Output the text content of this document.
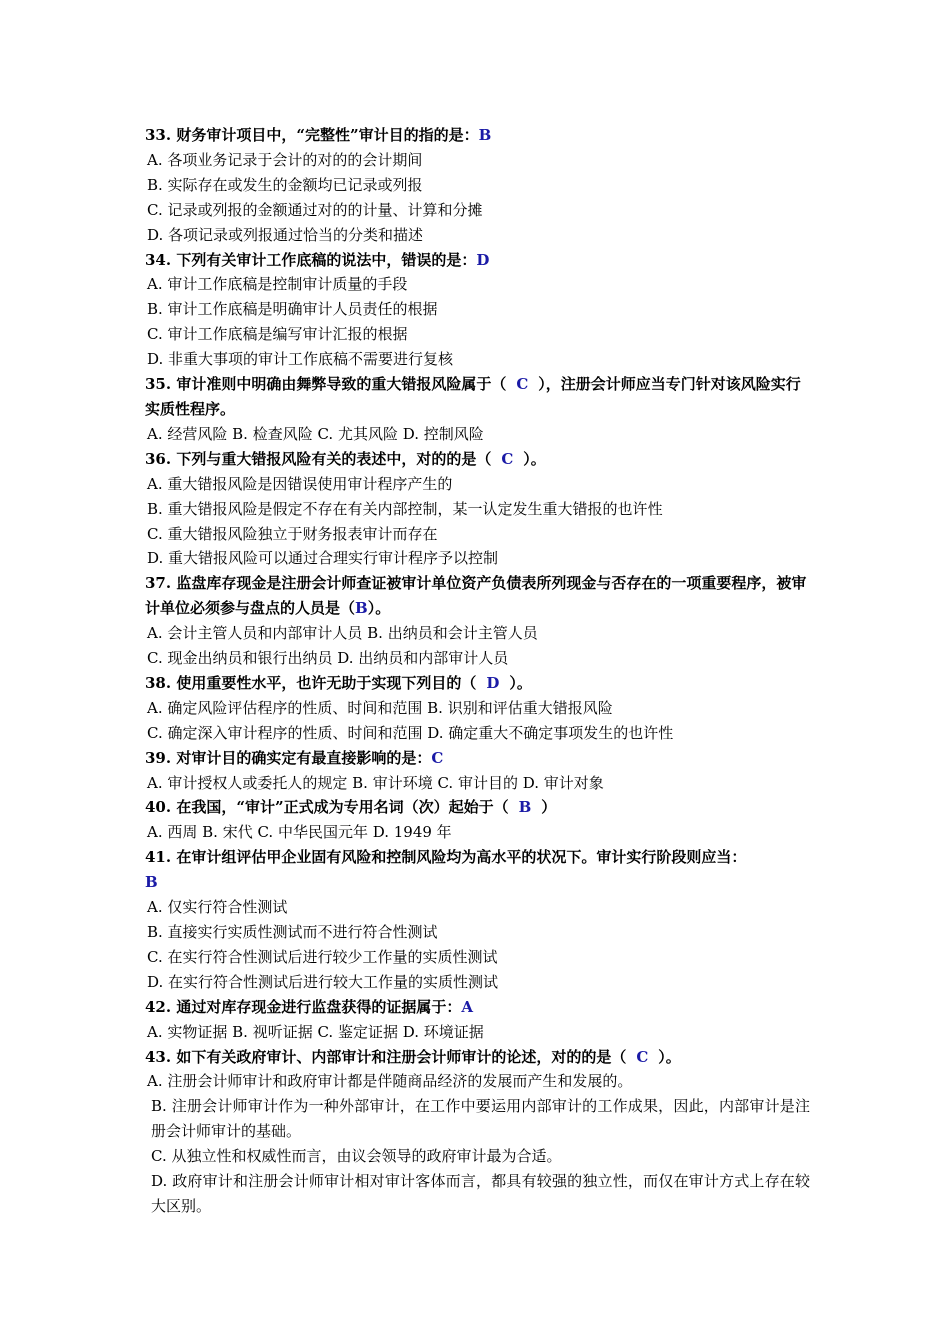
33. 财务审计项目中，“完整性”审计目的指的是：B
A. 各项业务记录于会计的对的的会计期间
B. 实际存在或发生的金额均已记录或列报
C. 记录或列报的金额通过对的的计量、计算和分摊
D. 各项记录或列报通过恰当的分类和描述
34. 下列有关审计工作底稿的说法中，错误的是：D
A. 审计工作底稿是控制审计质量的手段
B. 审计工作底稿是明确审计人员责任的根据
C. 审计工作底稿是编写审计汇报的根据
D. 非重大事项的审计工作底稿不需要进行复核
35. 审计准则中明确由舞弊导致的重大错报风险属于（ C ），注册会计师应当专门针对该风险实行实质性程序。
A. 经营风险 B. 检查风险 C. 尤其风险 D. 控制风险
36. 下列与重大错报风险有关的表述中，对的的是（ C ）。
A. 重大错报风险是因错误使用审计程序产生的
B. 重大错报风险是假定不存在有关内部控制，某一认定发生重大错报的也许性
C. 重大错报风险独立于财务报表审计而存在
D. 重大错报风险可以通过合理实行审计程序予以控制
37. 监盘库存现金是注册会计师查证被审计单位资产负债表所列现金与否存在的一项重要程序，被审计单位必须参与盘点的人员是（B）。
A. 会计主管人员和内部审计人员 B. 出纳员和会计主管人员
C. 现金出纳员和银行出纳员 D. 出纳员和内部审计人员
38. 使用重要性水平，也许无助于实现下列目的（ D ）。
A. 确定风险评估程序的性质、时间和范围 B. 识别和评估重大错报风险
C. 确定深入审计程序的性质、时间和范围 D. 确定重大不确定事项发生的也许性
39. 对审计目的确实定有最直接影响的是：C
A. 审计授权人或委托人的规定 B. 审计环境 C. 审计目的 D. 审计对象
40. 在我国，“审计”正式成为专用名词（次）起始于（ B ）
A. 西周 B. 宋代 C. 中华民国元年 D. 1949 年
41. 在审计组评估甲企业固有风险和控制风险均为高水平的状况下。审计实行阶段则应当：
B
A. 仅实行符合性测试
B. 直接实行实质性测试而不进行符合性测试
C. 在实行符合性测试后进行较少工作量的实质性测试
D. 在实行符合性测试后进行较大工作量的实质性测试
42. 通过对库存现金进行监盘获得的证据属于：A
A. 实物证据 B. 视听证据 C. 鉴定证据 D. 环境证据
43. 如下有关政府审计、内部审计和注册会计师审计的论述，对的的是（ C ）。
A. 注册会计师审计和政府审计都是伴随商品经济的发展而产生和发展的。
B. 注册会计师审计作为一种外部审计，在工作中要运用内部审计的工作成果，因此，内部审计是注册会计师审计的基础。
C. 从独立性和权威性而言，由议会领导的政府审计最为合适。
D. 政府审计和注册会计师审计相对审计客体而言，都具有较强的独立性，而仅在审计方式上存在较大区别。
